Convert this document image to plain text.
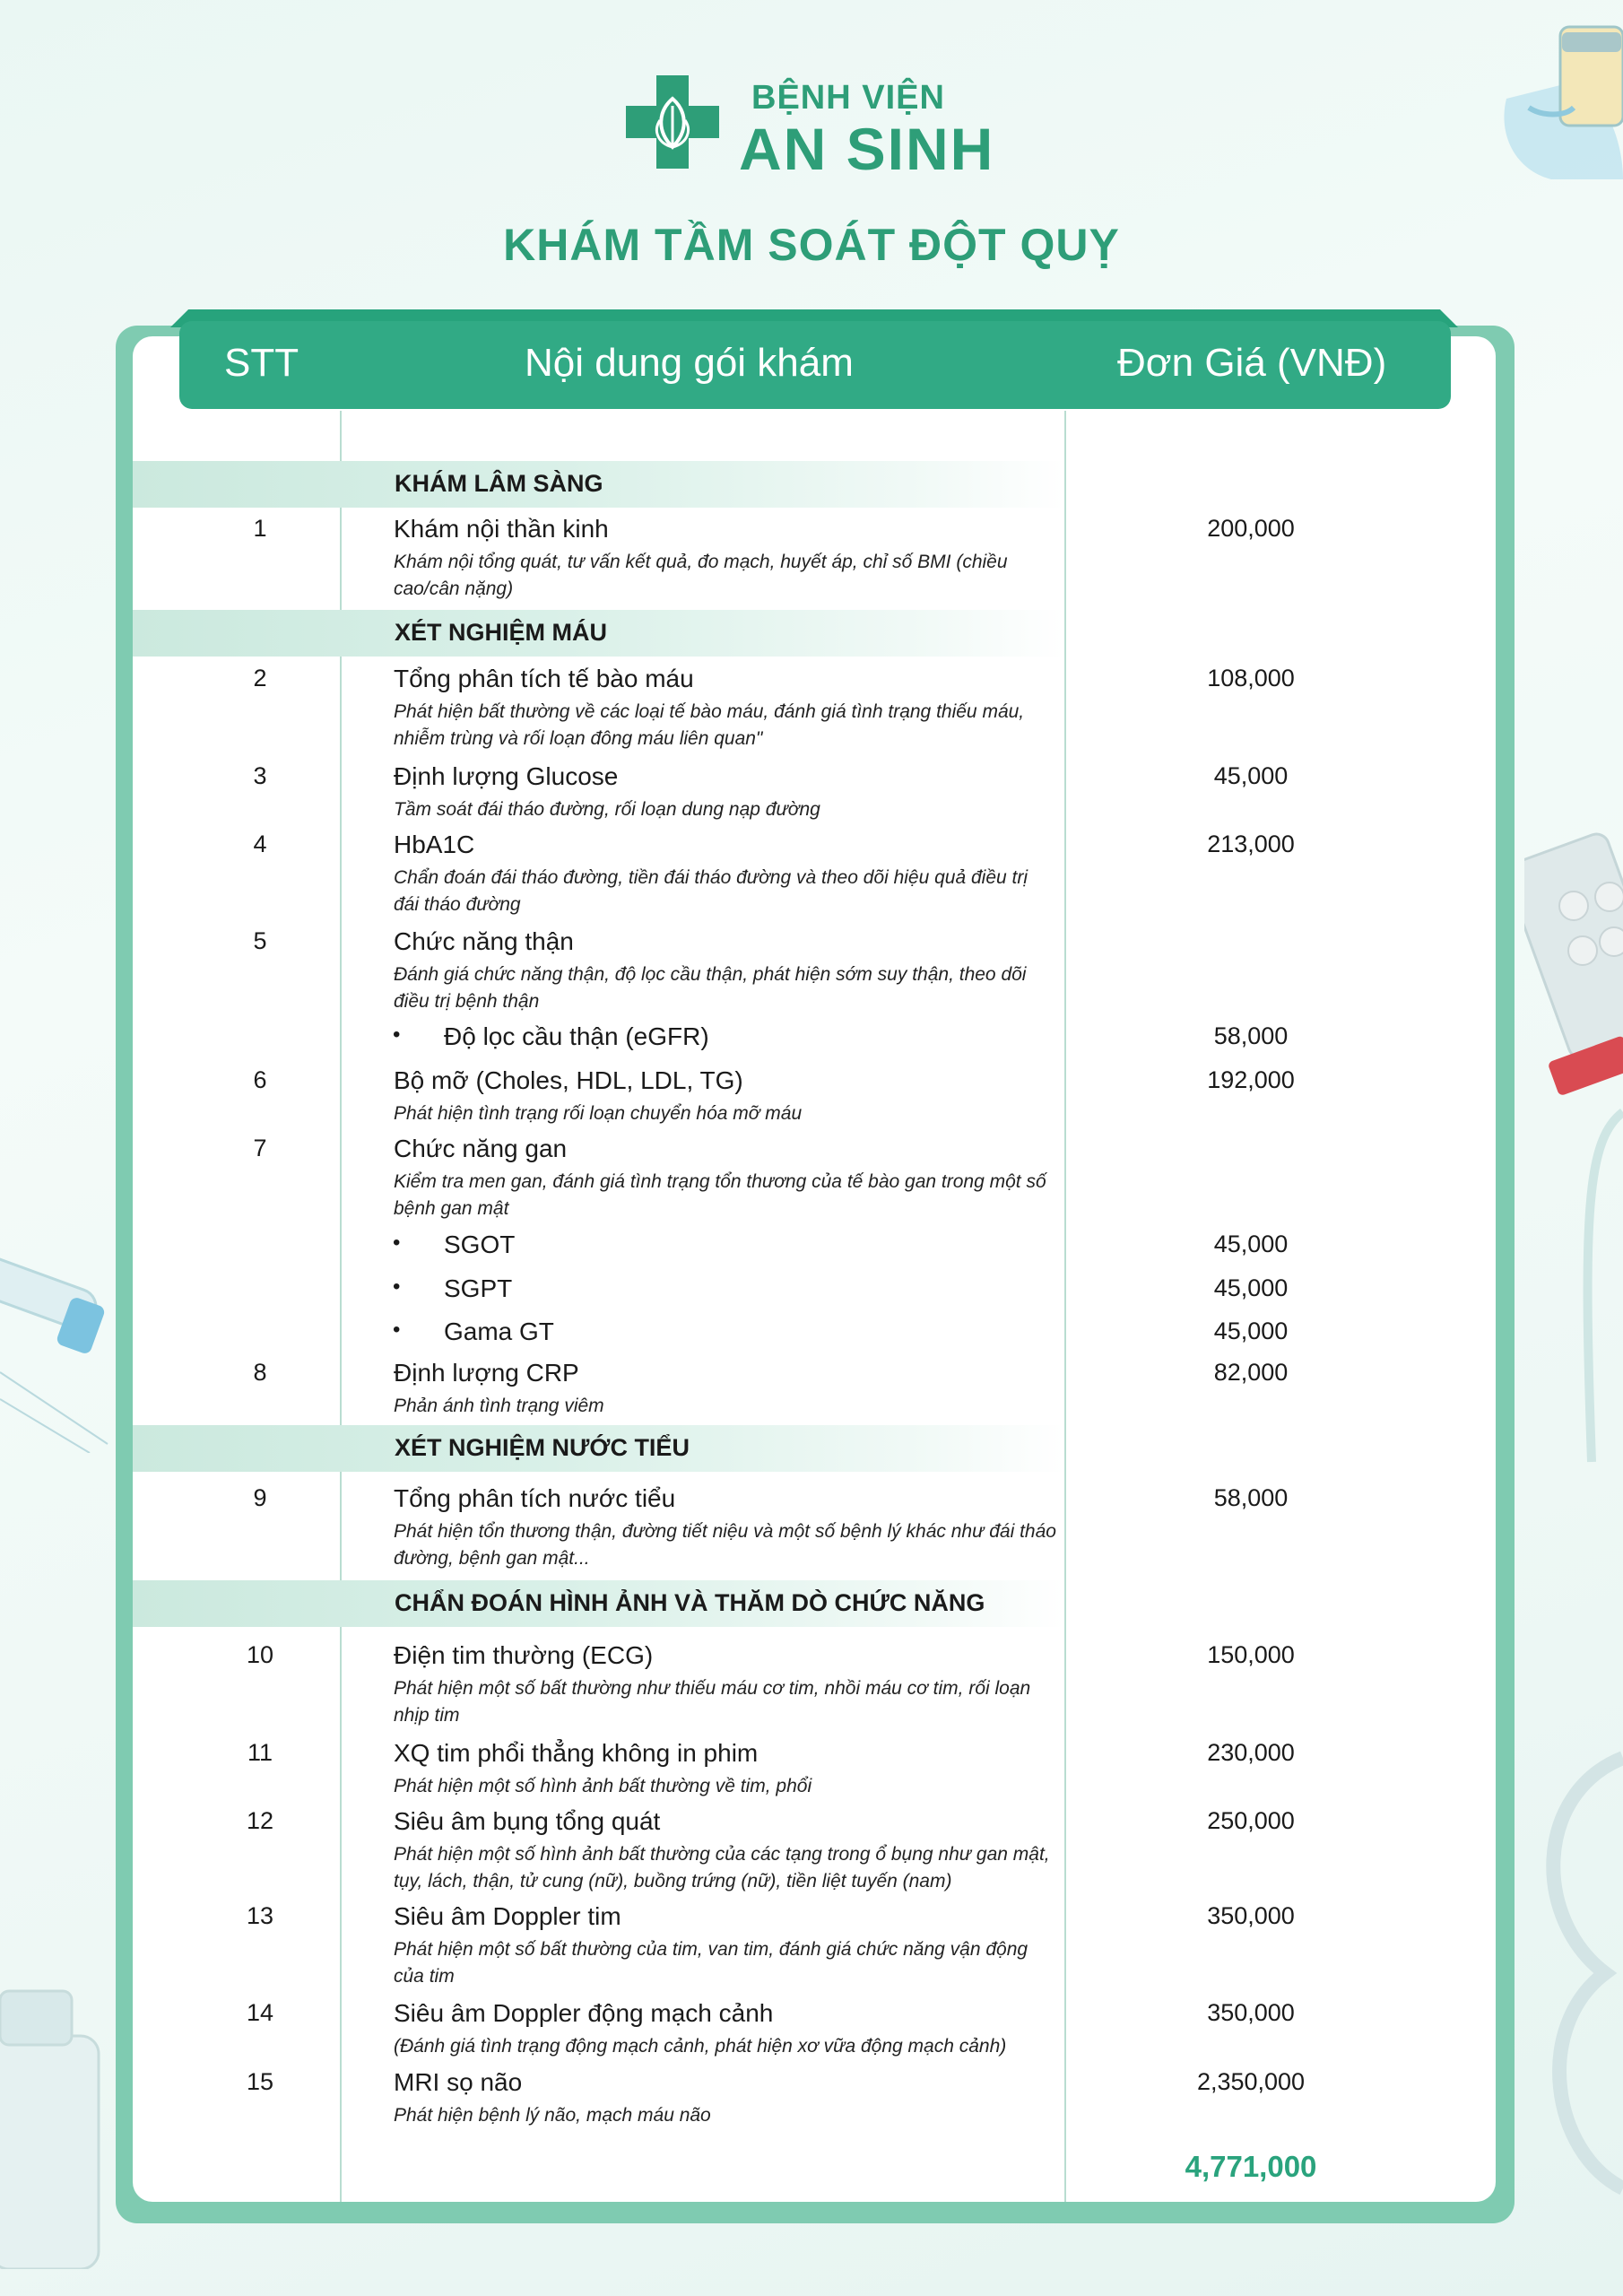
BỆNH VIỆN
AN SINH
KHÁM TẦM SOÁT ĐỘT QUỴ
STT	Nội dung gói khám	Đơn Giá (VNĐ)
KHÁM LÂM SÀNG
1	Khám nội thần kinh
Khám nội tổng quát, tư vấn kết quả, đo mạch, huyết áp, chỉ số BMI (chiều cao/cân nặng)
200,000
XÉT NGHIỆM MÁU
2	Tổng phân tích tế bào máu
Phát hiện bất thường về các loại tế bào máu, đánh giá tình trạng thiếu máu, nhiễm trùng và rối loạn đông máu liên quan"
108,000
3	Định lượng Glucose
Tầm soát đái tháo đường, rối loạn dung nạp đường
45,000
4	HbA1C
Chẩn đoán đái tháo đường, tiền đái tháo đường và theo dõi hiệu quả điều trị đái tháo đường
213,000
5	Chức năng thận
Đánh giá chức năng thận, độ lọc cầu thận, phát hiện sớm suy thận, theo dõi điều trị bệnh thận
• Độ lọc cầu thận (eGFR)	58,000
6	Bộ mỡ (Choles, HDL, LDL, TG)
Phát hiện tình trạng rối loạn chuyển hóa mỡ máu
192,000
7	Chức năng gan
Kiểm tra men gan, đánh giá tình trạng tổn thương của tế bào gan trong một số bệnh gan mật
• SGOT	45,000
• SGPT	45,000
• Gama GT	45,000
8	Định lượng CRP
Phản ánh tình trạng viêm
82,000
XÉT NGHIỆM NƯỚC TIỂU
9	Tổng phân tích nước tiểu
Phát hiện tổn thương thận, đường tiết niệu và một số bệnh lý khác như đái tháo đường, bệnh gan mật...
58,000
CHẨN ĐOÁN HÌNH ẢNH VÀ THĂM DÒ CHỨC NĂNG
10	Điện tim thường (ECG)
Phát hiện một số bất thường như thiếu máu cơ tim, nhồi máu cơ tim, rối loạn nhịp tim
150,000
11	XQ tim phổi thẳng không in phim
Phát hiện một số hình ảnh bất thường về tim, phổi
230,000
12	Siêu âm bụng tổng quát
Phát hiện một số hình ảnh bất thường của các tạng trong ổ bụng như gan mật, tụy, lách, thận, tử cung (nữ), buồng trứng (nữ), tiền liệt tuyến (nam)
250,000
13	Siêu âm Doppler tim
Phát hiện một số bất thường của tim, van tim, đánh giá chức năng vận động của tim
350,000
14	Siêu âm Doppler động mạch cảnh
(Đánh giá tình trạng động mạch cảnh, phát hiện xơ vữa động mạch cảnh)
350,000
15	MRI sọ não
Phát hiện bệnh lý não, mạch máu não
2,350,000
4,771,000
